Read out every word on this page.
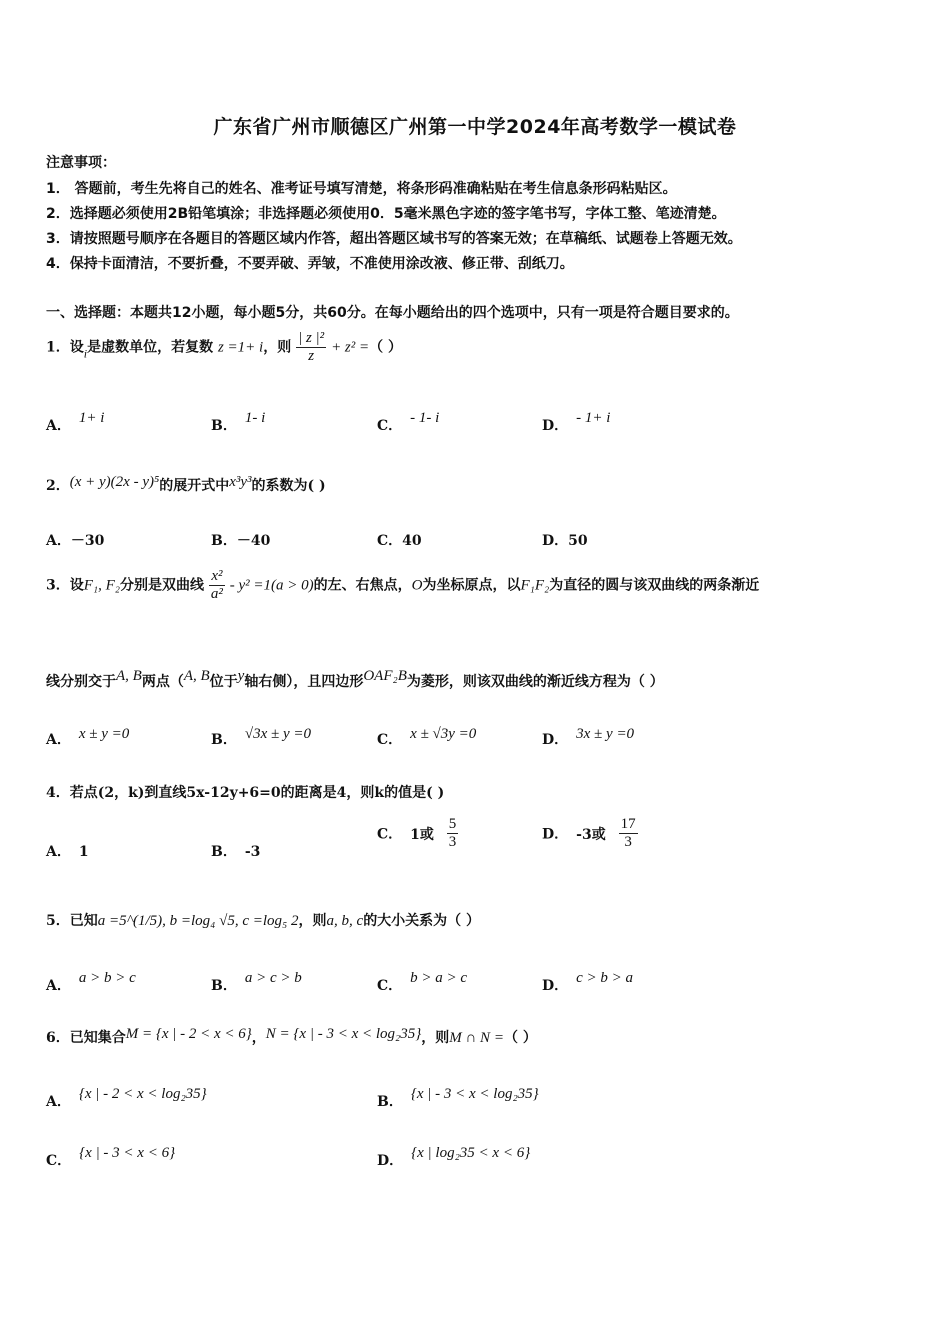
广东省广州市顺德区广州第一中学2024年高考数学一模试卷
注意事项：
1． 答题前，考生先将自己的姓名、准考证号填写清楚，将条形码准确粘贴在考生信息条形码粘贴区。
2．选择题必须使用2B铅笔填涂；非选择题必须使用0．5毫米黑色字迹的签字笔书写，字体工整、笔迹清楚。
3．请按照题号顺序在各题目的答题区域内作答，超出答题区域书写的答案无效；在草稿纸、试题卷上答题无效。
4．保持卡面清洁，不要折叠，不要弄破、弄皱，不准使用涂改液、修正带、刮纸刀。
一、选择题：本题共12小题，每小题5分，共60分。在每小题给出的四个选项中，只有一项是符合题目要求的。
1．设i是虚数单位，若复数 z =1+ i，则 $\frac{\text{| z |²}}{z} + z^2$ =（ ）
A． 1+ i	B． 1- i	C． - 1- i	D． - 1+ i
2．(x + y)(2x - y)⁵的展开式中x³y³的系数为( )
A．－30	B．－40	C．40	D．50
3．设F₁, F₂分别是双曲线 $\frac{\text{x²}}{\text{a²}} - y^2 =1(a > 0)$的左、右焦点，O为坐标原点，以F₁F₂为直径的圆与该双曲线的两条渐近
线分别交于A, B两点（A, B位于y轴右侧），且四边形OAF₂B为菱形，则该双曲线的渐近线方程为（ ）
A． x ± y =0	B． √3x ± y =0	C． x ± √3y =0	D． 3x ± y =0
4．若点(2，k)到直线5x-12y+6=0的距离是4，则k的值是( )
A． 1	B． -3
C． 1或 $\frac{5}{3}$	D． -3或 $\frac{17}{3}$
5．已知a =5^(1/5), b =log₄ √5, c =log₅ 2，则a, b, c的大小关系为（ ）
A． a > b > c	B． a > c > b	C． b > a > c	D． c > b > a
6．已知集合M = {x | - 2 < x < 6}，N = {x | - 3 < x < log₂35}，则M ∩ N =（ ）
A． {x | - 2 < x < log₂35}	B． {x | - 3 < x < log₂35}
C． {x | - 3 < x < 6}	D． {x | log₂35 < x < 6}
